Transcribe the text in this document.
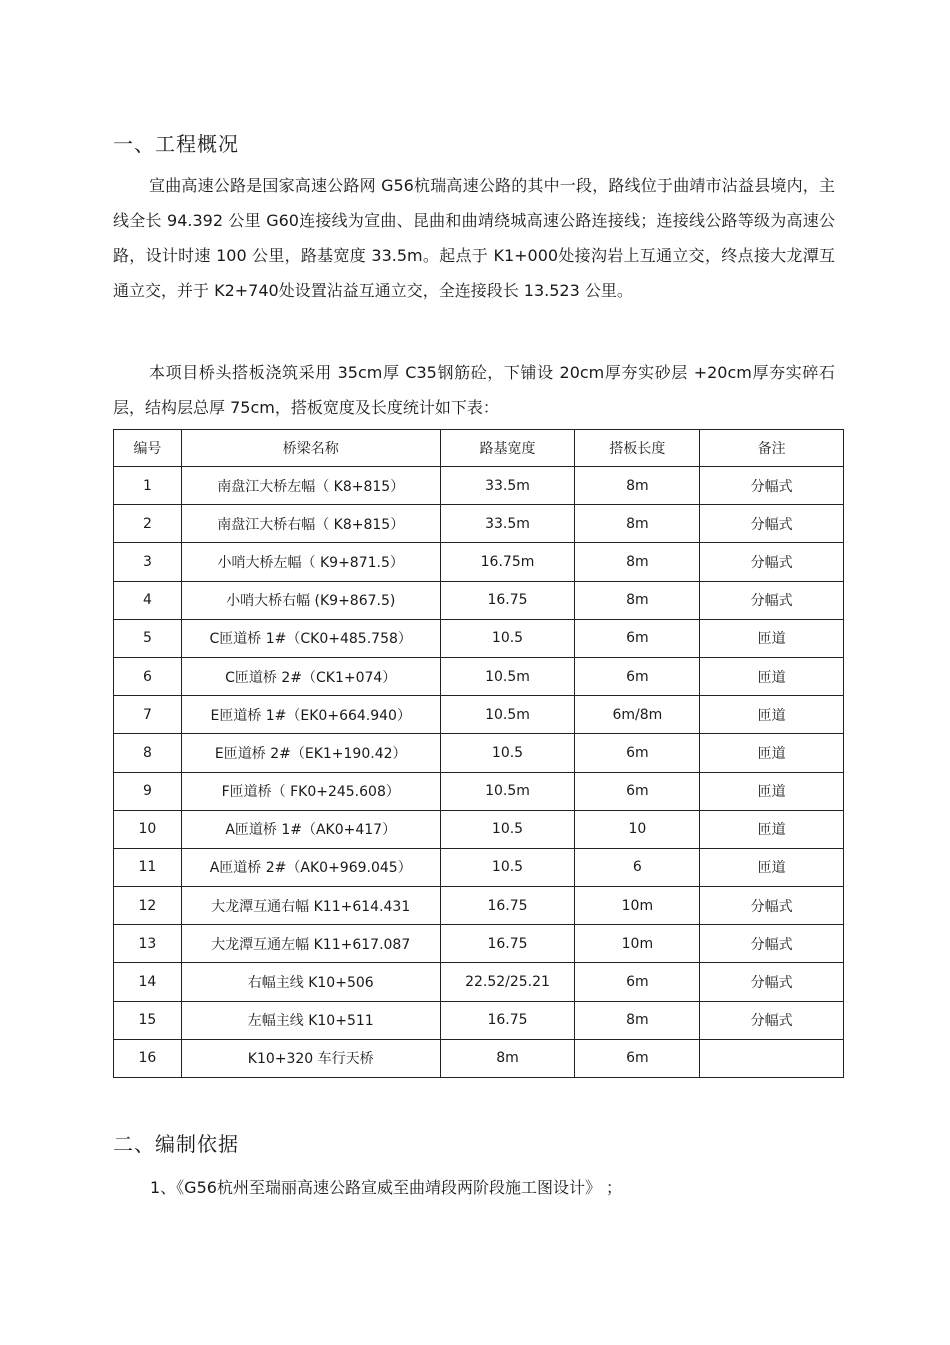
一、工程概况

宣曲高速公路是国家高速公路网 G56杭瑞高速公路的其中一段，路线位于曲靖市沾益县境内，主线全长 94.392 公里 G60连接线为宣曲、昆曲和曲靖绕城高速公路连接线；连接线公路等级为高速公路，设计时速 100 公里，路基宽度 33.5m。起点于 K1+000处接沟岩上互通立交，终点接大龙潭互通立交，并于 K2+740处设置沾益互通立交，全连接段长 13.523 公里。

本项目桥头搭板浇筑采用 35cm厚 C35钢筋砼，下铺设 20cm厚夯实砂层 +20cm厚夯实碎石层，结构层总厚 75cm，搭板宽度及长度统计如下表：

编号	桥梁名称	路基宽度	搭板长度	备注
1	南盘江大桥左幅（ K8+815）	33.5m	8m	分幅式
2	南盘江大桥右幅（ K8+815）	33.5m	8m	分幅式
3	小哨大桥左幅（ K9+871.5）	16.75m	8m	分幅式
4	小哨大桥右幅 (K9+867.5)	16.75	8m	分幅式
5	C匝道桥 1#（CK0+485.758）	10.5	6m	匝道
6	C匝道桥 2#（CK1+074）	10.5m	6m	匝道
7	E匝道桥 1#（EK0+664.940）	10.5m	6m/8m	匝道
8	E匝道桥 2#（EK1+190.42）	10.5	6m	匝道
9	F匝道桥（ FK0+245.608）	10.5m	6m	匝道
10	A匝道桥 1#（AK0+417）	10.5	10	匝道
11	A匝道桥 2#（AK0+969.045）	10.5	6	匝道
12	大龙潭互通右幅 K11+614.431	16.75	10m	分幅式
13	大龙潭互通左幅 K11+617.087	16.75	10m	分幅式
14	右幅主线 K10+506	22.52/25.21	6m	分幅式
15	左幅主线 K10+511	16.75	8m	分幅式
16	K10+320 车行天桥	8m	6m	
二、编制依据

1、《G56杭州至瑞丽高速公路宣威至曲靖段两阶段施工图设计》 ；
